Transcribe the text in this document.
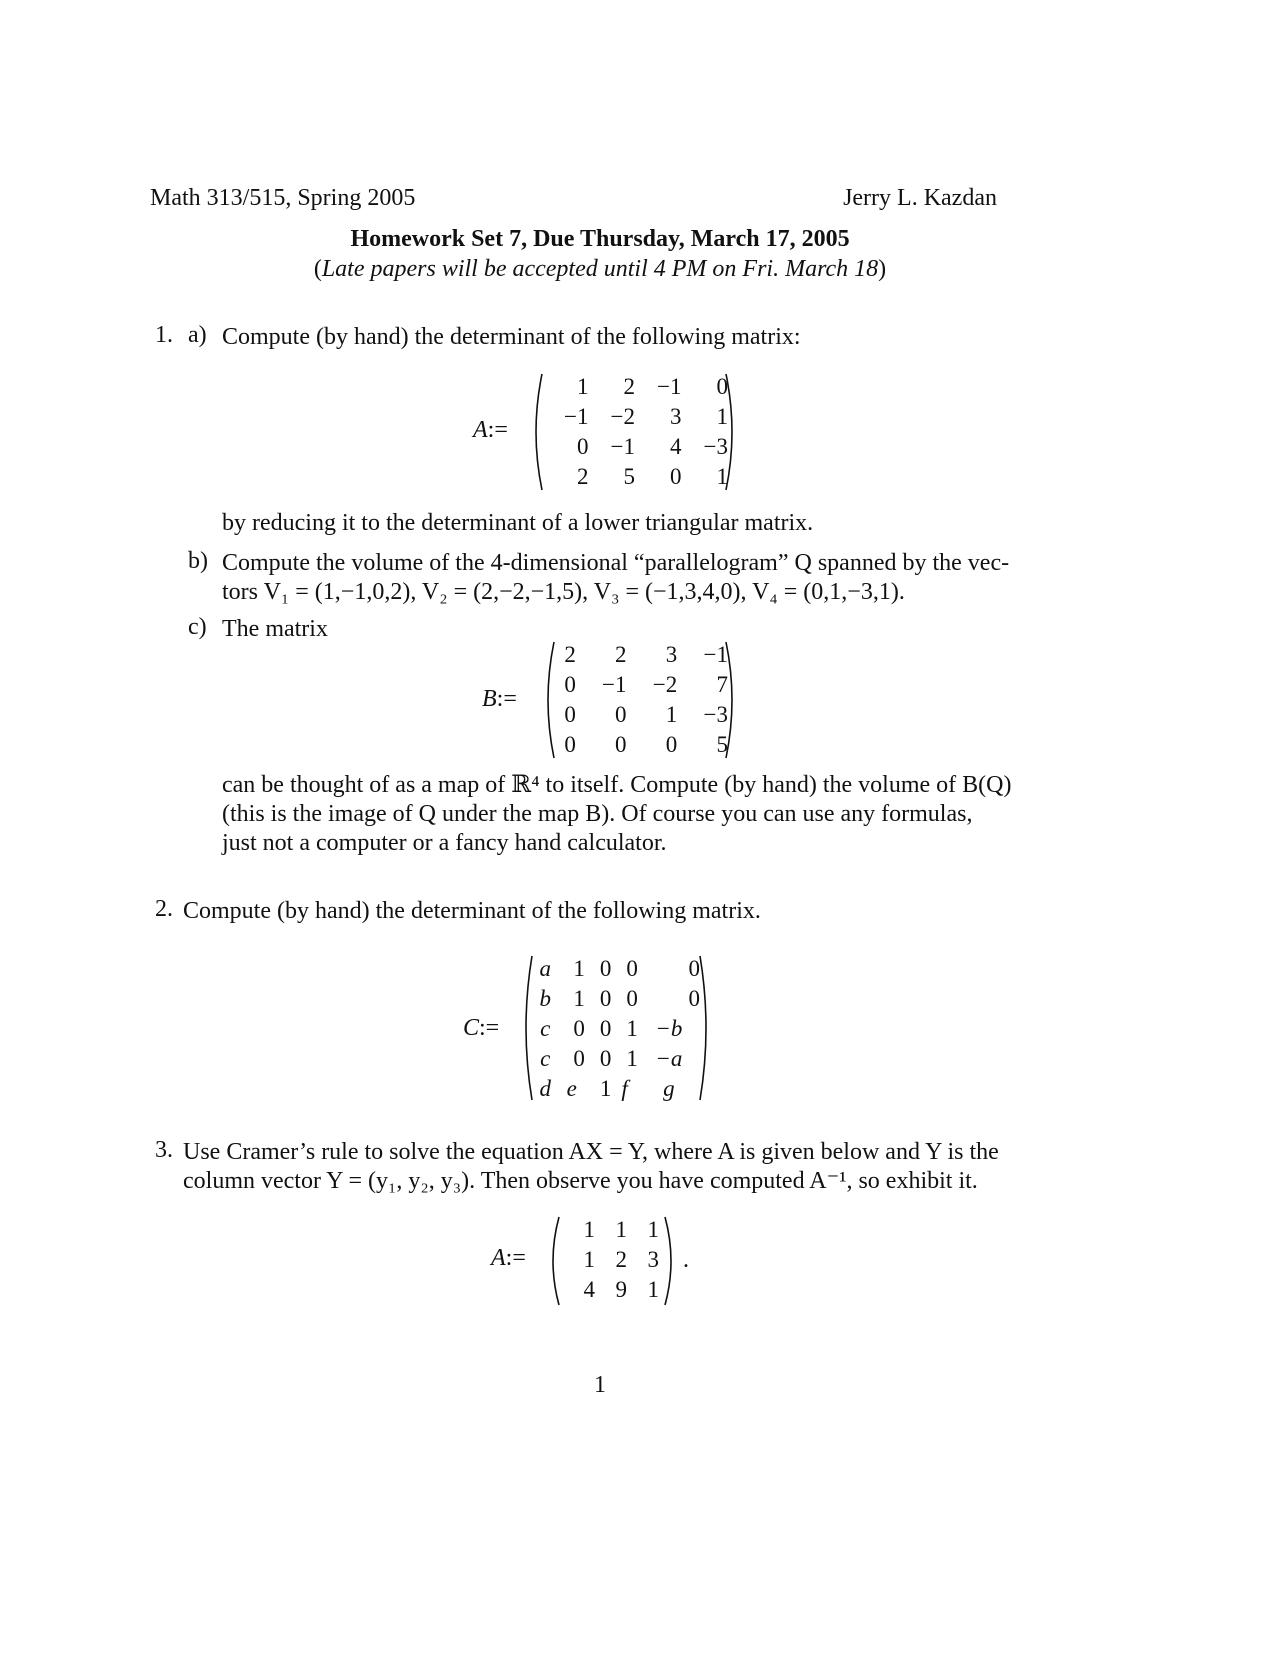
Math 313/515, Spring 2005	Jerry L. Kazdan
Homework Set 7, Due Thursday, March 17, 2005
(Late papers will be accepted until 4 PM on Fri. March 18)
1. a) Compute (by hand) the determinant of the following matrix:
A:=
1	2	−1	0
−1	−2	3	1
0	−1	4	−3
2	5	0	1
by reducing it to the determinant of a lower triangular matrix.
b) Compute the volume of the 4-dimensional “parallelogram” Q spanned by the vec-
tors V₁ = (1,−1,0,2), V₂ = (2,−2,−1,5), V₃ = (−1,3,4,0), V₄ = (0,1,−3,1).
c) The matrix
B:=
2	2	3	−1
0	−1	−2	7
0	0	1	−3
0	0	0	5
can be thought of as a map of ℝ⁴ to itself. Compute (by hand) the volume of B(Q)
(this is the image of Q under the map B). Of course you can use any formulas,
just not a computer or a fancy hand calculator.
2. Compute (by hand) the determinant of the following matrix.
C:=
a	1	0	0	0
b	1	0	0	0
c	0	0	1	−b
c	0	0	1	−a
d	e	1	f	g
3. Use Cramer’s rule to solve the equation AX = Y, where A is given below and Y is the
column vector Y = (y₁, y₂, y₃). Then observe you have computed A⁻¹, so exhibit it.
A:=
1	1	1
1	2	3
4	9	1
.
1
